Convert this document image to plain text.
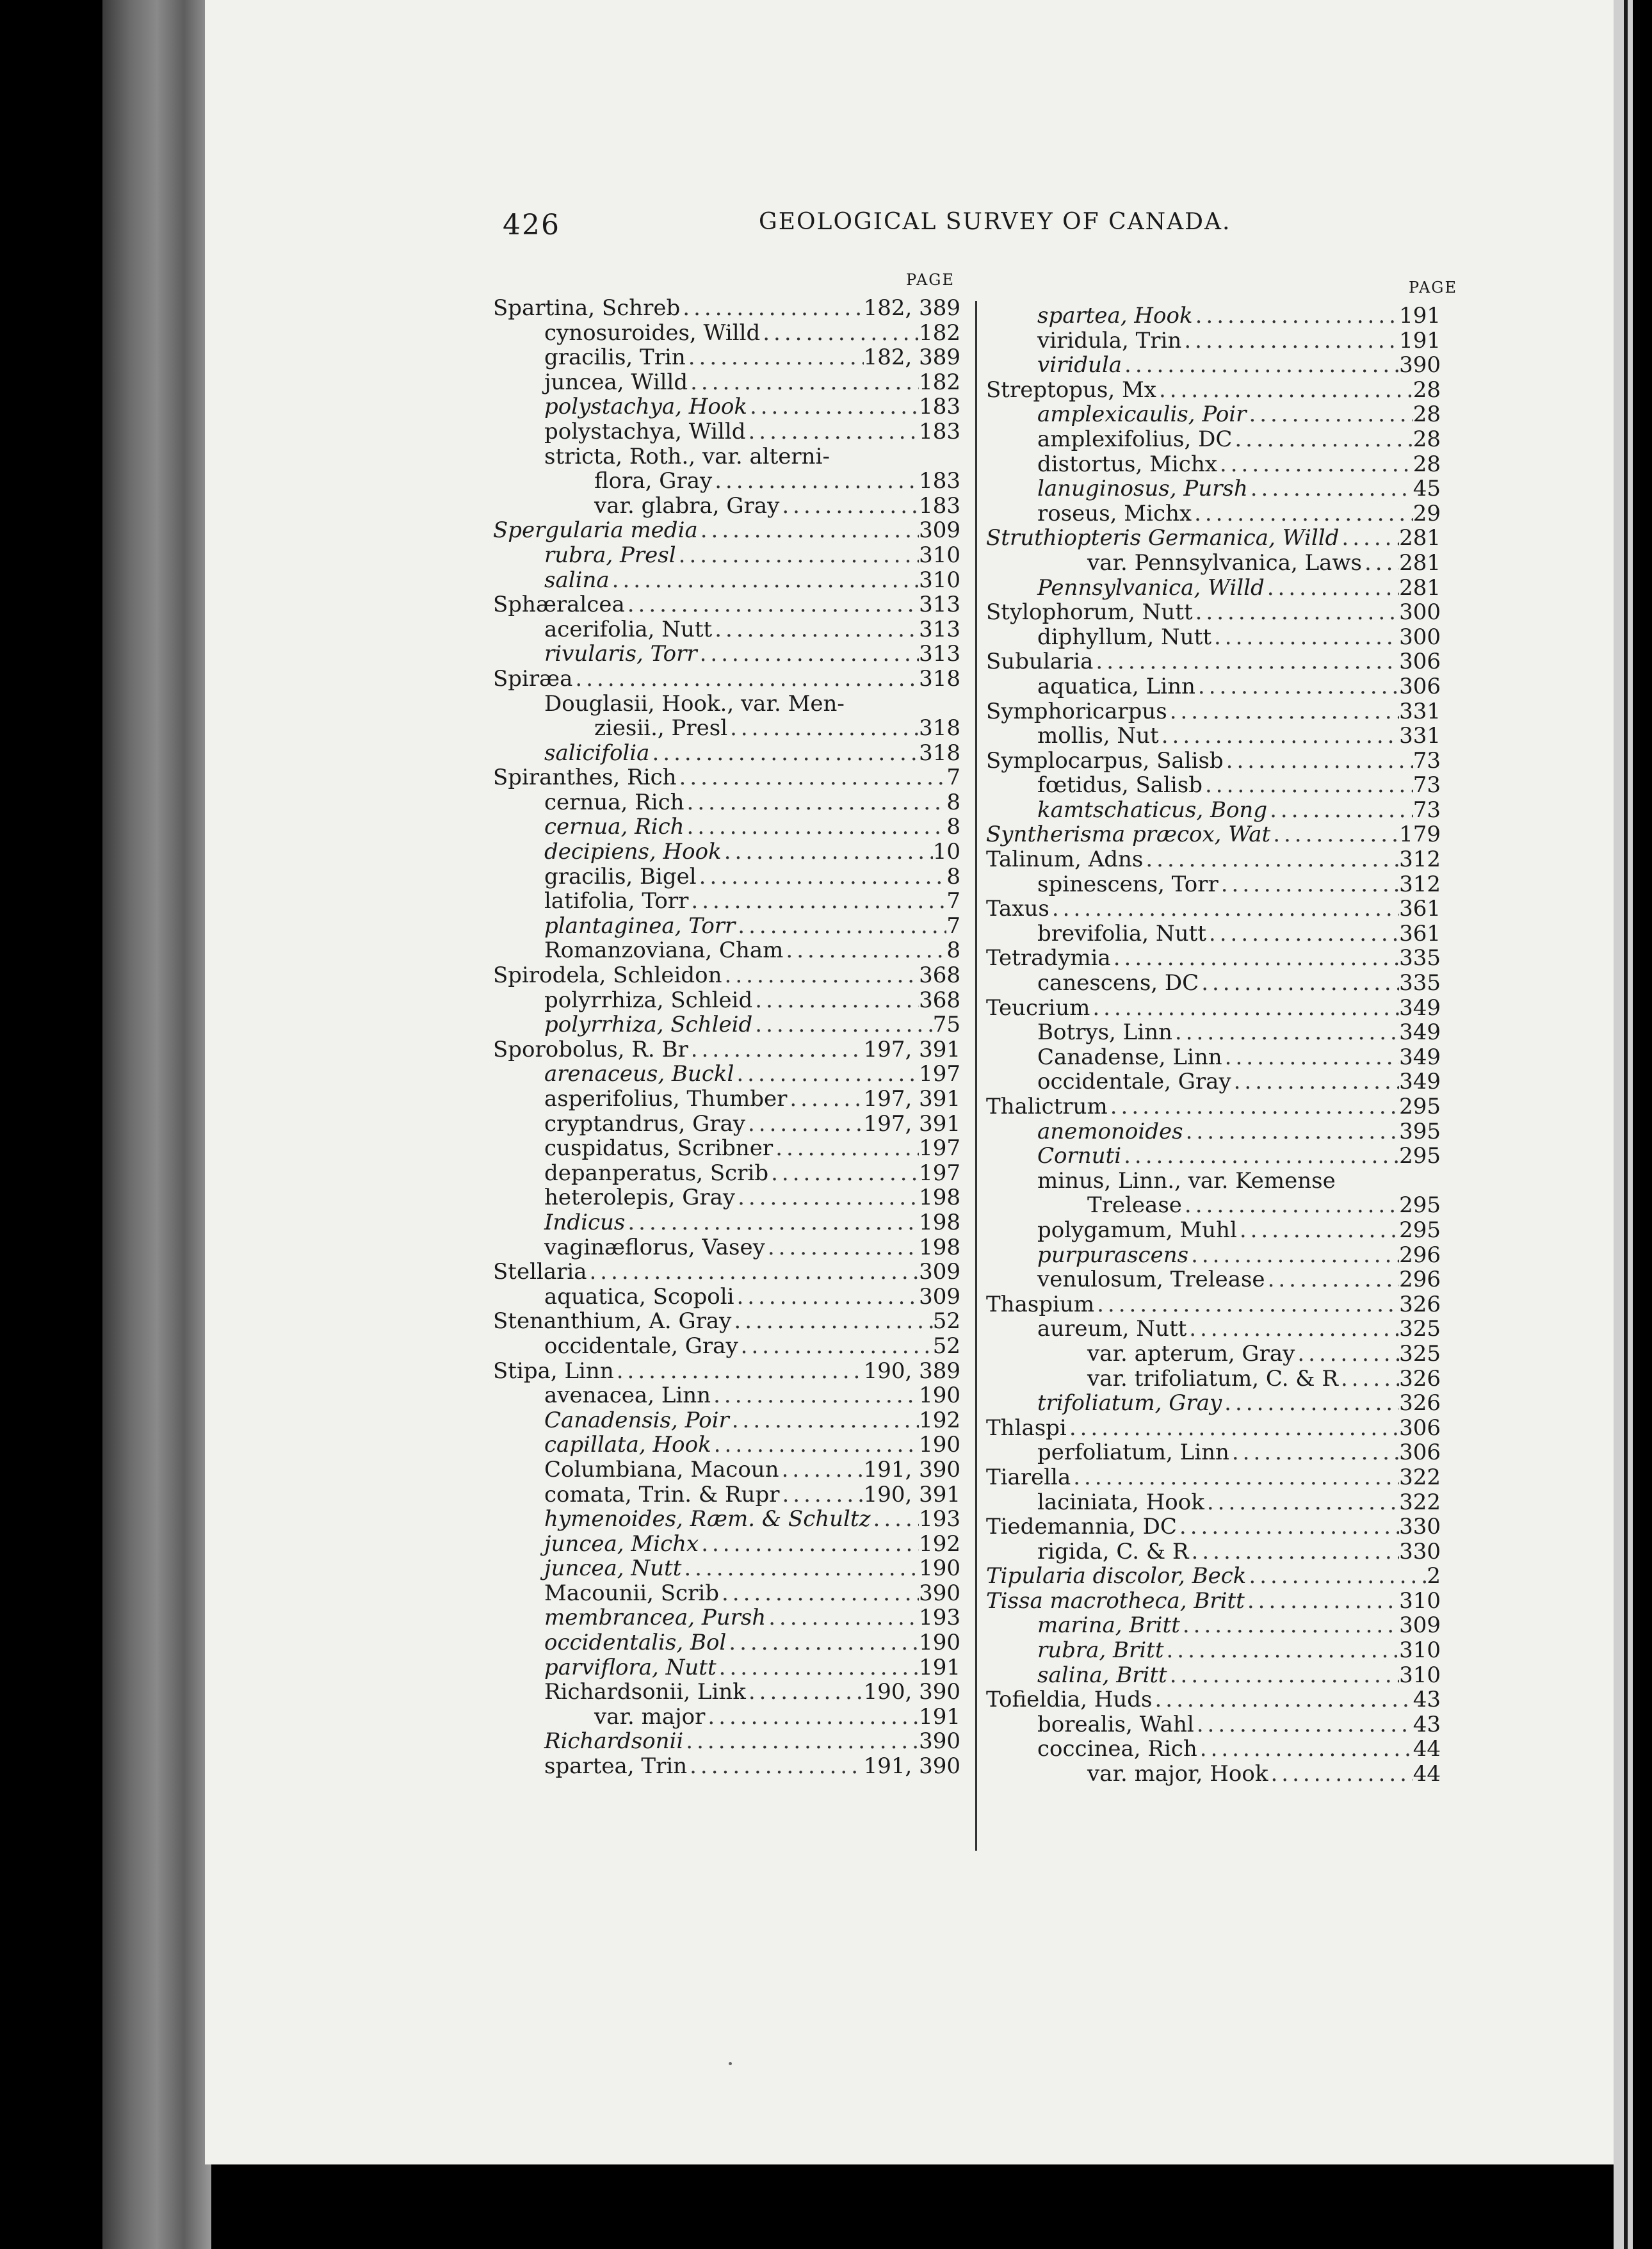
426	GEOLOGICAL SURVEY OF CANADA.
PAGE	PAGE
Spartina, Schreb .....	182, 389
cynosuroides, Willd .....	182
gracilis, Trin .....	182, 389
juncea, Willd .....	182
polystachya, Hook .....	183
polystachya, Willd .....	183
stricta, Roth., var. alterni-
flora, Gray .....	183
var. glabra, Gray .....	183
Spergularia media .....	309
rubra, Presl .....	310
salina .....	310
Sphæralcea .....	313
acerifolia, Nutt .....	313
rivularis, Torr .....	313
Spiræa .....	318
Douglasii, Hook., var. Men-
ziesii., Presl .....	318
salicifolia .....	318
Spiranthes, Rich .....	7
cernua, Rich .....	8
cernua, Rich .....	8
decipiens, Hook .....	10
gracilis, Bigel .....	8
latifolia, Torr .....	7
plantaginea, Torr .....	7
Romanzoviana, Cham .....	8
Spirodela, Schleidon .....	368
polyrrhiza, Schleid .....	368
polyrrhiza, Schleid .....	75
Sporobolus, R. Br .....	197, 391
arenaceus, Buckl .....	197
asperifolius, Thumber .....	197, 391
cryptandrus, Gray .....	197, 391
cuspidatus, Scribner .....	197
depanperatus, Scrib .....	197
heterolepis, Gray .....	198
Indicus .....	198
vaginæflorus, Vasey .....	198
Stellaria .....	309
aquatica, Scopoli .....	309
Stenanthium, A. Gray .....	52
occidentale, Gray .....	52
Stipa, Linn .....	190, 389
avenacea, Linn .....	190
Canadensis, Poir .....	192
capillata, Hook .....	190
Columbiana, Macoun .....	191, 390
comata, Trin. & Rupr .....	190, 391
hymenoides, Ræm. & Schultz ..... 193
juncea, Michx .....	192
juncea, Nutt .....	190
Macounii, Scrib .....	390
membrancea, Pursh .....	193
occidentalis, Bol .....	190
parviflora, Nutt .....	191
Richardsonii, Link .....	190, 390
var. major .....	191
Richardsonii .....	390
spartea, Trin .....	191, 390
spartea, Hook .....	191
viridula, Trin .....	191
viridula .....	390
Streptopus, Mx .....	28
amplexicaulis, Poir .....	28
amplexifolius, DC .....	28
distortus, Michx .....	28
lanuginosus, Pursh .....	45
roseus, Michx .....	29
Struthiopteris Germanica, Willd .....	281
var. Pennsylvanica, Laws ..... 281
Pennsylvanica, Willd .....	281
Stylophorum, Nutt .....	300
diphyllum, Nutt .....	300
Subularia .....	306
aquatica, Linn .....	306
Symphoricarpus .....	331
mollis, Nut .....	331
Symplocarpus, Salisb .....	73
fœtidus, Salisb .....	73
kamtschaticus, Bong .....	73
Syntherisma præcox, Wat .....	179
Talinum, Adns .....	312
spinescens, Torr .....	312
Taxus .....	361
brevifolia, Nutt .....	361
Tetradymia .....	335
canescens, DC .....	335
Teucrium .....	349
Botrys, Linn .....	349
Canadense, Linn .....	349
occidentale, Gray .....	349
Thalictrum .....	295
anemonoides .....	395
Cornuti .....	295
minus, Linn., var. Kemense
Trelease .....	295
polygamum, Muhl .....	295
purpurascens .....	296
venulosum, Trelease .....	296
Thaspium .....	326
aureum, Nutt .....	325
var. apterum, Gray .....	325
var. trifoliatum, C. & R .....	326
trifoliatum, Gray .....	326
Thlaspi .....	306
perfoliatum, Linn .....	306
Tiarella .....	322
laciniata, Hook .....	322
Tiedemannia, DC .....	330
rigida, C. & R .....	330
Tipularia discolor, Beck .....	2
Tissa macrotheca, Britt .....	310
marina, Britt .....	309
rubra, Britt .....	310
salina, Britt .....	310
Tofieldia, Huds .....	43
borealis, Wahl .....	43
coccinea, Rich .....	44
var. major, Hook .....	44
